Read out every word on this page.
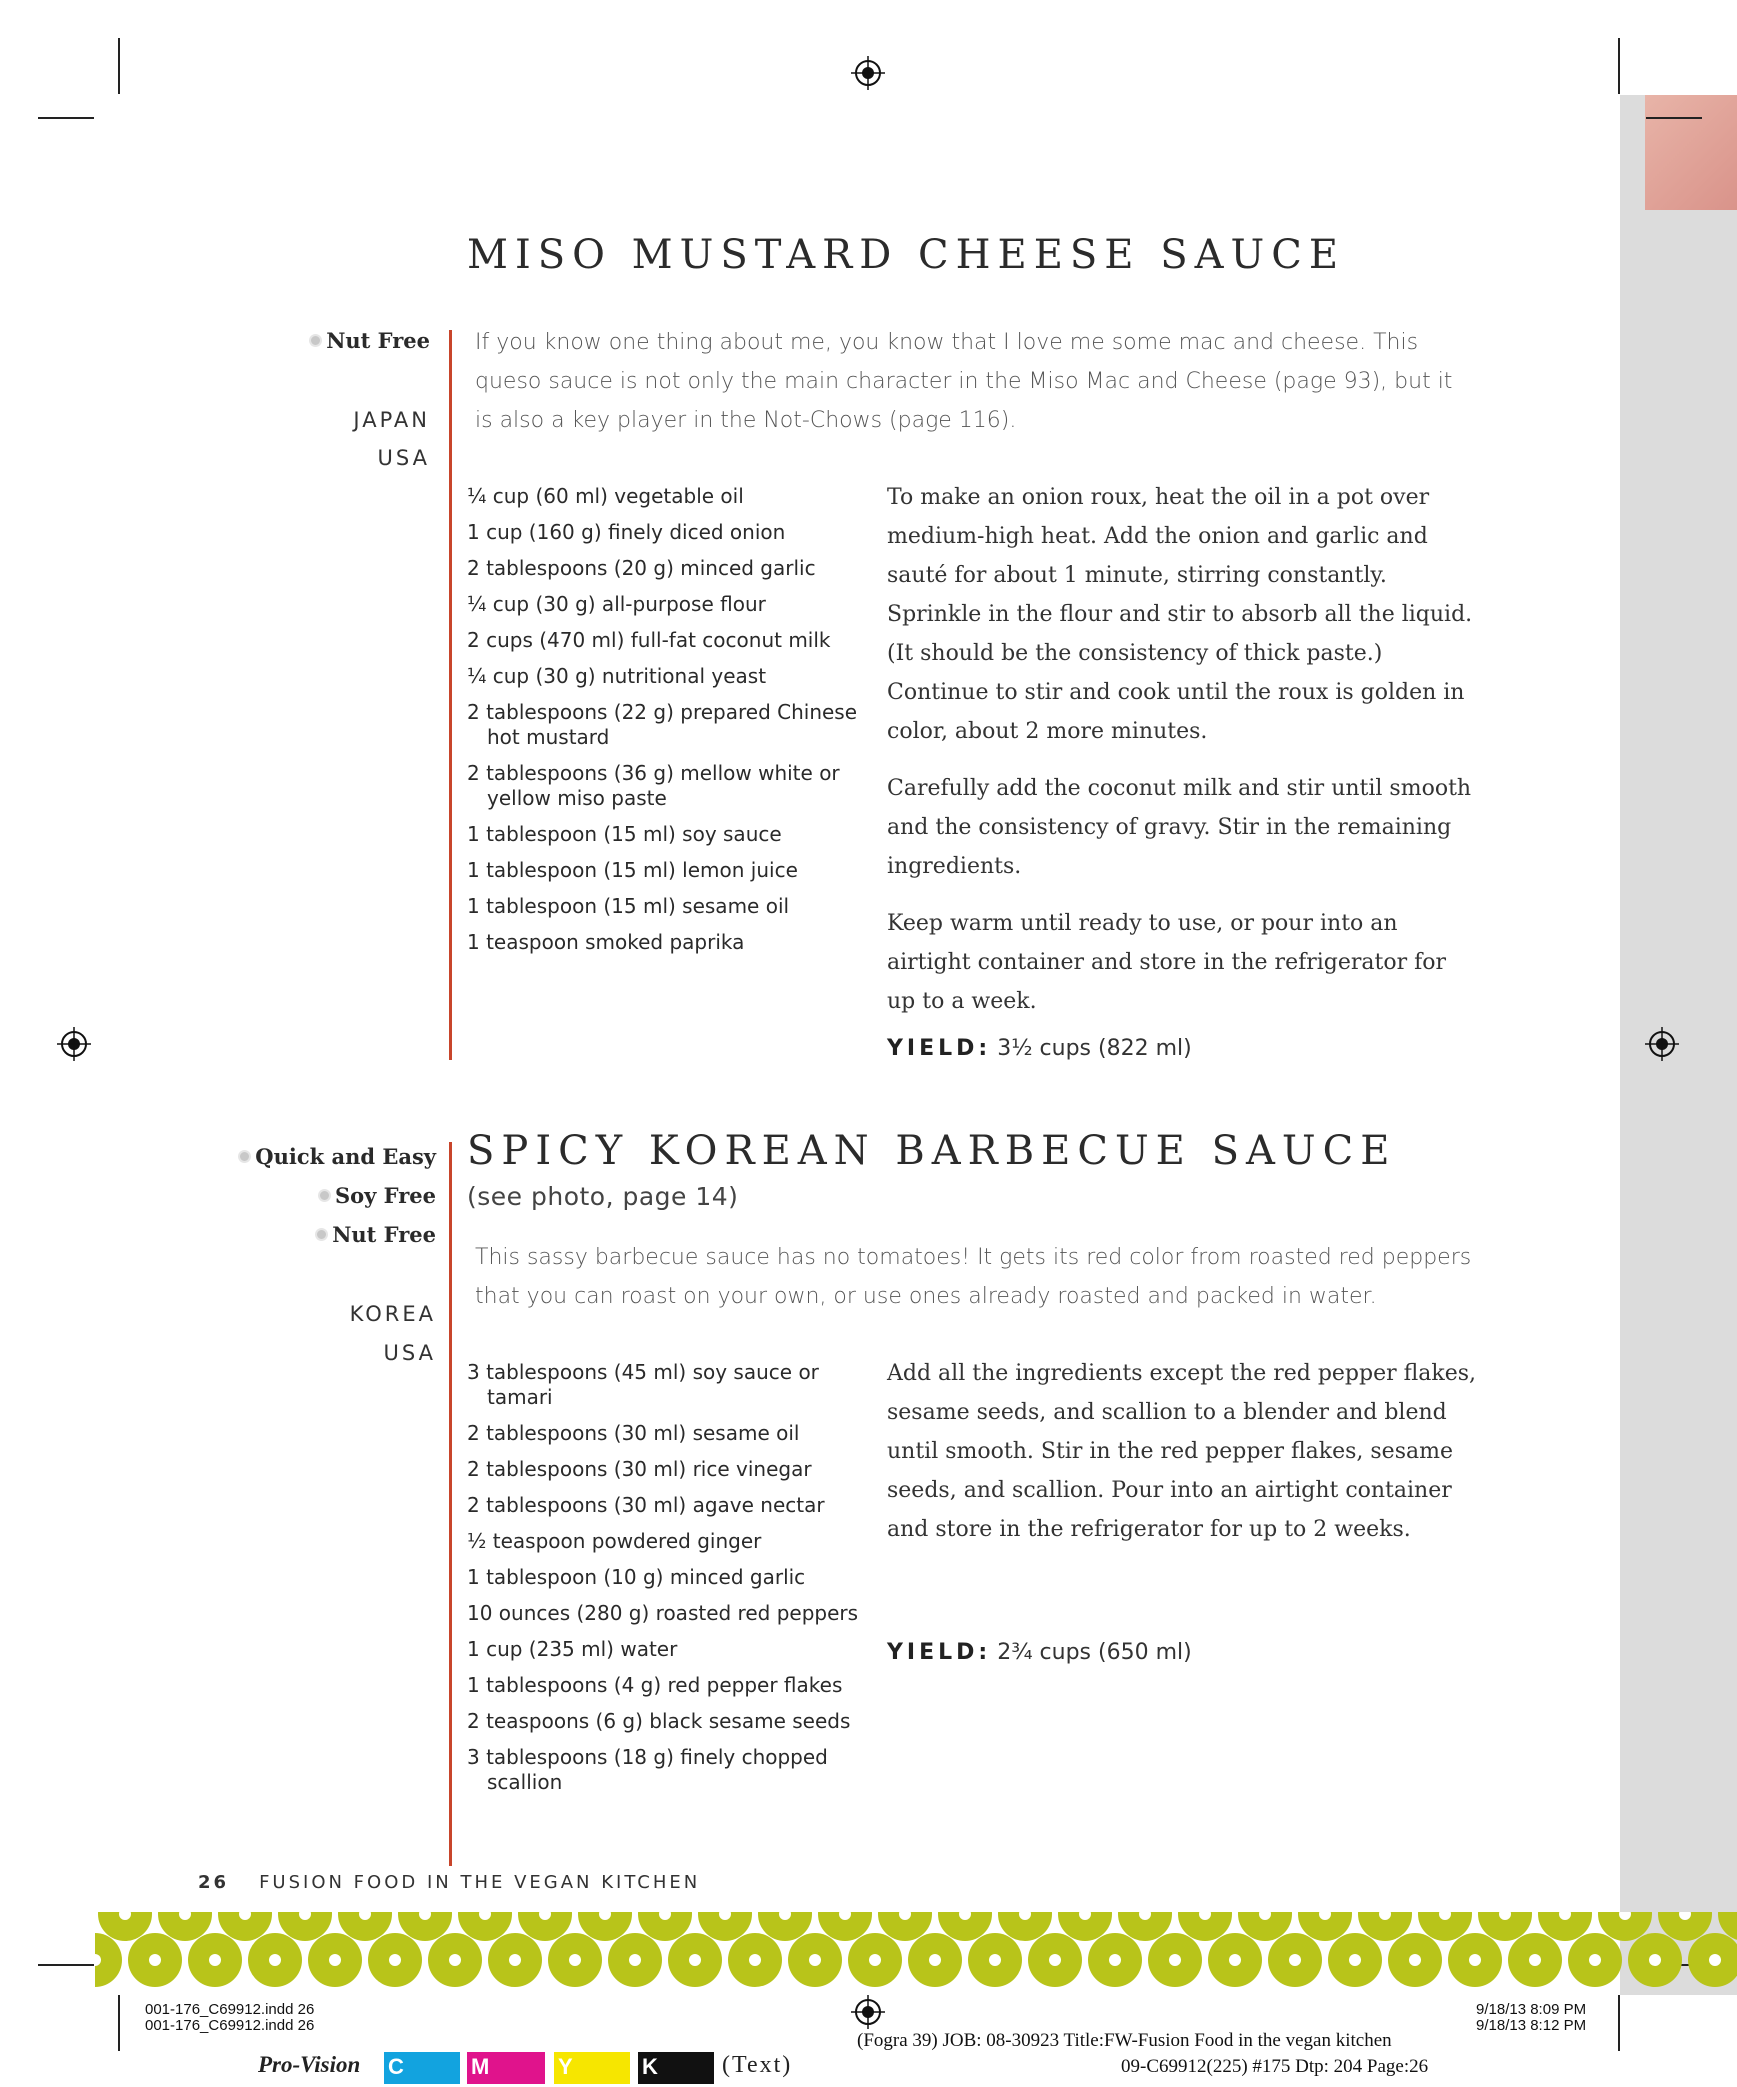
MISO MUSTARD CHEESE SAUCE
Nut Free
JAPAN
USA
If you know one thing about me, you know that I love me some mac and cheese. This queso sauce is not only the main character in the Miso Mac and Cheese (page 93), but it is also a key player in the Not-Chows (page 116).
¼ cup (60 ml) vegetable oil
1 cup (160 g) finely diced onion
2 tablespoons (20 g) minced garlic
¼ cup (30 g) all-purpose flour
2 cups (470 ml) full-fat coconut milk
¼ cup (30 g) nutritional yeast
2 tablespoons (22 g) prepared Chinese hot mustard
2 tablespoons (36 g) mellow white or yellow miso paste
1 tablespoon (15 ml) soy sauce
1 tablespoon (15 ml) lemon juice
1 tablespoon (15 ml) sesame oil
1 teaspoon smoked paprika

To make an onion roux, heat the oil in a pot over medium-high heat. Add the onion and garlic and sauté for about 1 minute, stirring constantly. Sprinkle in the flour and stir to absorb all the liquid. (It should be the consistency of thick paste.) Continue to stir and cook until the roux is golden in color, about 2 more minutes.

Carefully add the coconut milk and stir until smooth and the consistency of gravy. Stir in the remaining ingredients.

Keep warm until ready to use, or pour into an airtight container and store in the refrigerator for up to a week.

YIELD: 3½ cups (822 ml)
SPICY KOREAN BARBECUE SAUCE
(see photo, page 14)
Quick and Easy
Soy Free
Nut Free
KOREA
USA
This sassy barbecue sauce has no tomatoes! It gets its red color from roasted red peppers that you can roast on your own, or use ones already roasted and packed in water.
3 tablespoons (45 ml) soy sauce or tamari
2 tablespoons (30 ml) sesame oil
2 tablespoons (30 ml) rice vinegar
2 tablespoons (30 ml) agave nectar
½ teaspoon powdered ginger
1 tablespoon (10 g) minced garlic
10 ounces (280 g) roasted red peppers
1 cup (235 ml) water
1 tablespoons (4 g) red pepper flakes
2 teaspoons (6 g) black sesame seeds
3 tablespoons (18 g) finely chopped scallion

Add all the ingredients except the red pepper flakes, sesame seeds, and scallion to a blender and blend until smooth. Stir in the red pepper flakes, sesame seeds, and scallion. Pour into an airtight container and store in the refrigerator for up to 2 weeks.

YIELD: 2¾ cups (650 ml)
26 FUSION FOOD IN THE VEGAN KITCHEN
001-176_C69912.indd 26
001-176_C69912.indd 26
9/18/13 8:09 PM
9/18/13 8:12 PM
(Fogra 39) JOB: 08-30923 Title:FW-Fusion Food in the vegan kitchen
09-C69912(225) #175 Dtp: 204 Page:26
Pro-Vision C	M	Y	K	(Text)
